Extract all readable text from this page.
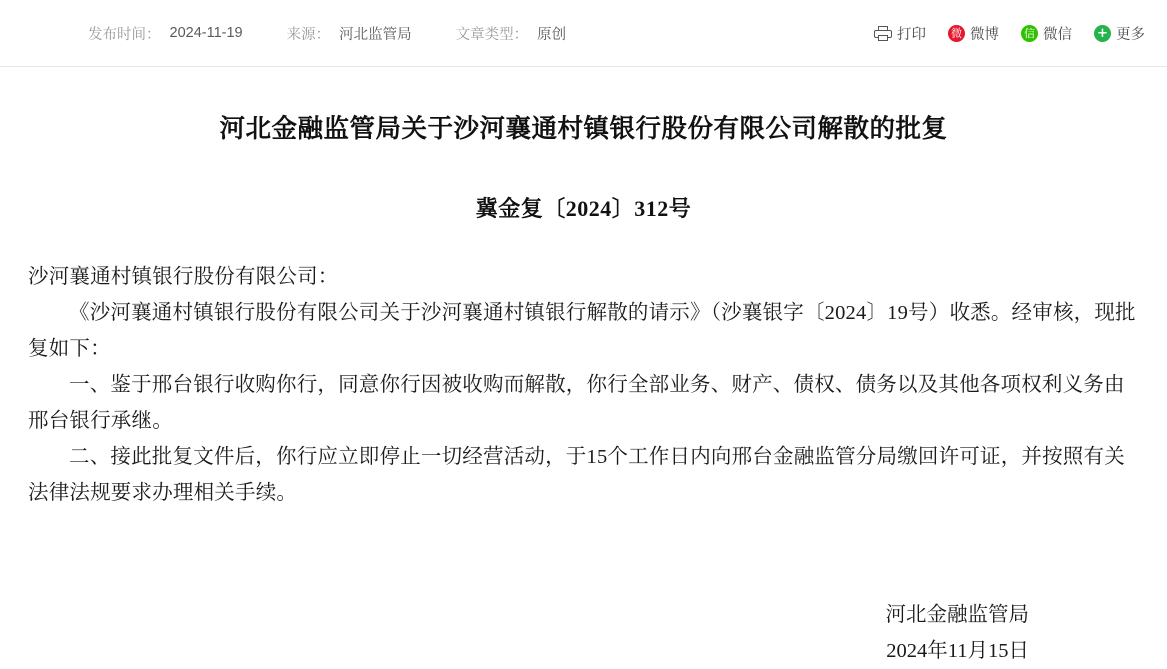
发布时间： 2024-11-19	来源： 河北监管局	文章类型： 原创	打印 微 微博 信 微信 + 更多
河北金融监管局关于沙河襄通村镇银行股份有限公司解散的批复
冀金复〔2024〕312号

沙河襄通村镇银行股份有限公司：

《沙河襄通村镇银行股份有限公司关于沙河襄通村镇银行解散的请示》（沙襄银字〔2024〕19号）收悉。经审核，现批复如下：

一、鉴于邢台银行收购你行，同意你行因被收购而解散，你行全部业务、财产、债权、债务以及其他各项权利义务由邢台银行承继。

二、接此批复文件后，你行应立即停止一切经营活动，于15个工作日内向邢台金融监管分局缴回许可证，并按照有关法律法规要求办理相关手续。

河北金融监管局
2024年11月15日
